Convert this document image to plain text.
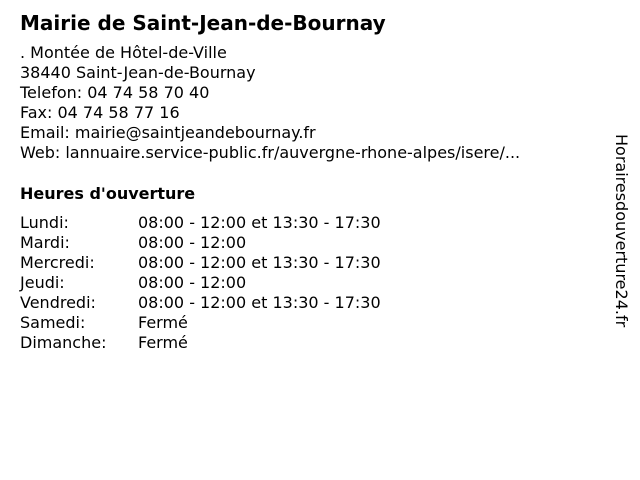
Mairie de Saint-Jean-de-Bournay
. Montée de Hôtel-de-Ville
38440 Saint-Jean-de-Bournay
Telefon: 04 74 58 70 40
Fax: 04 74 58 77 16
Email: mairie@saintjeandebournay.fr
Web: lannuaire.service-public.fr/auvergne-rhone-alpes/isere/...
Heures d'ouverture
Lundi:	08:00 - 12:00 et 13:30 - 17:30
Mardi:	08:00 - 12:00
Mercredi:	08:00 - 12:00 et 13:30 - 17:30
Jeudi:	08:00 - 12:00
Vendredi:	08:00 - 12:00 et 13:30 - 17:30
Samedi:	Fermé
Dimanche: Fermé
Horairesdouverture24.fr
